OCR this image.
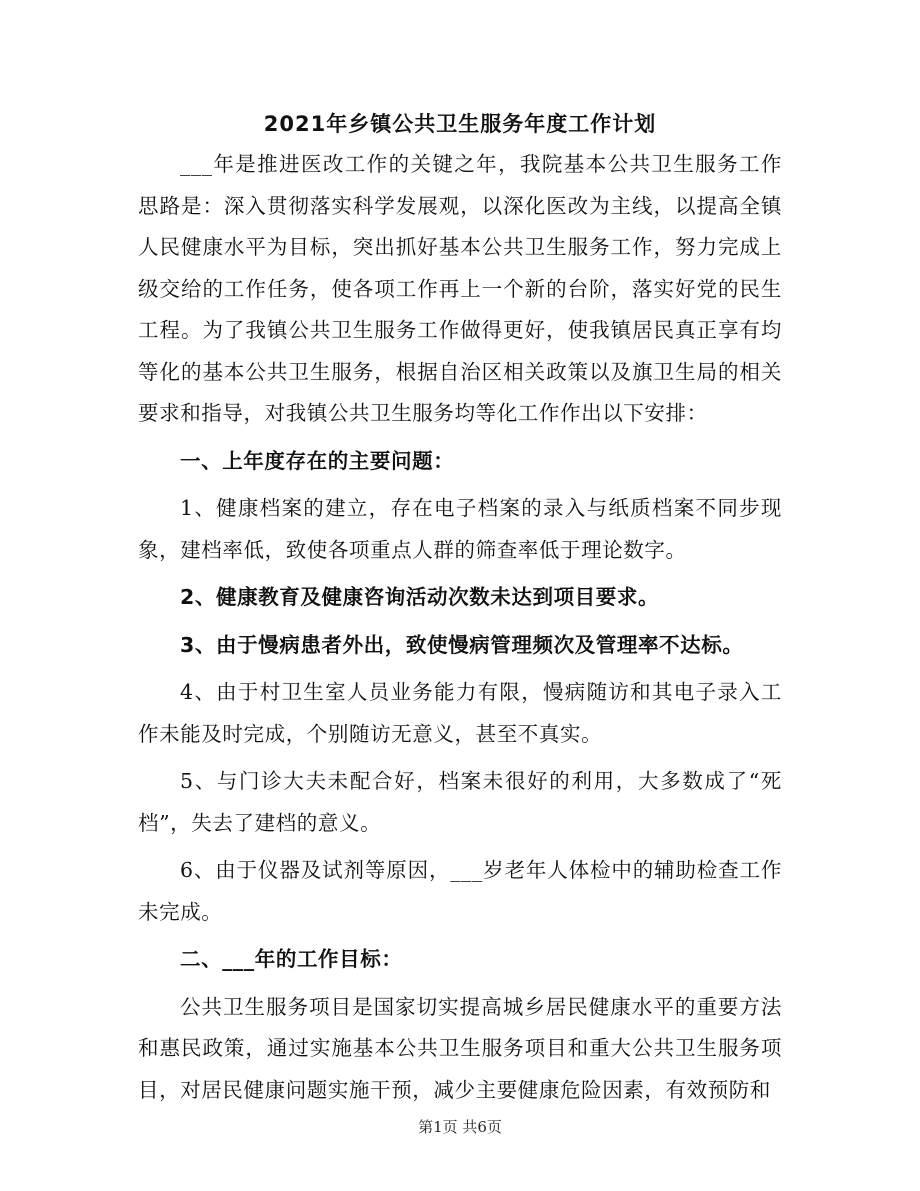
2021年乡镇公共卫生服务年度工作计划

___年是推进医改工作的关键之年，我院基本公共卫生服务工作思路是：深入贯彻落实科学发展观，以深化医改为主线，以提高全镇人民健康水平为目标，突出抓好基本公共卫生服务工作，努力完成上级交给的工作任务，使各项工作再上一个新的台阶，落实好党的民生工程。为了我镇公共卫生服务工作做得更好，使我镇居民真正享有均等化的基本公共卫生服务，根据自治区相关政策以及旗卫生局的相关要求和指导，对我镇公共卫生服务均等化工作作出以下安排：

一、上年度存在的主要问题：

1、健康档案的建立，存在电子档案的录入与纸质档案不同步现象，建档率低，致使各项重点人群的筛查率低于理论数字。

2、健康教育及健康咨询活动次数未达到项目要求。

3、由于慢病患者外出，致使慢病管理频次及管理率不达标。

4、由于村卫生室人员业务能力有限，慢病随访和其电子录入工作未能及时完成，个别随访无意义，甚至不真实。

5、与门诊大夫未配合好，档案未很好的利用，大多数成了“死档”，失去了建档的意义。

6、由于仪器及试剂等原因，___岁老年人体检中的辅助检查工作未完成。

二、___年的工作目标：

公共卫生服务项目是国家切实提高城乡居民健康水平的重要方法和惠民政策，通过实施基本公共卫生服务项目和重大公共卫生服务项目，对居民健康问题实施干预，减少主要健康危险因素，有效预防和

第1页 共6页
